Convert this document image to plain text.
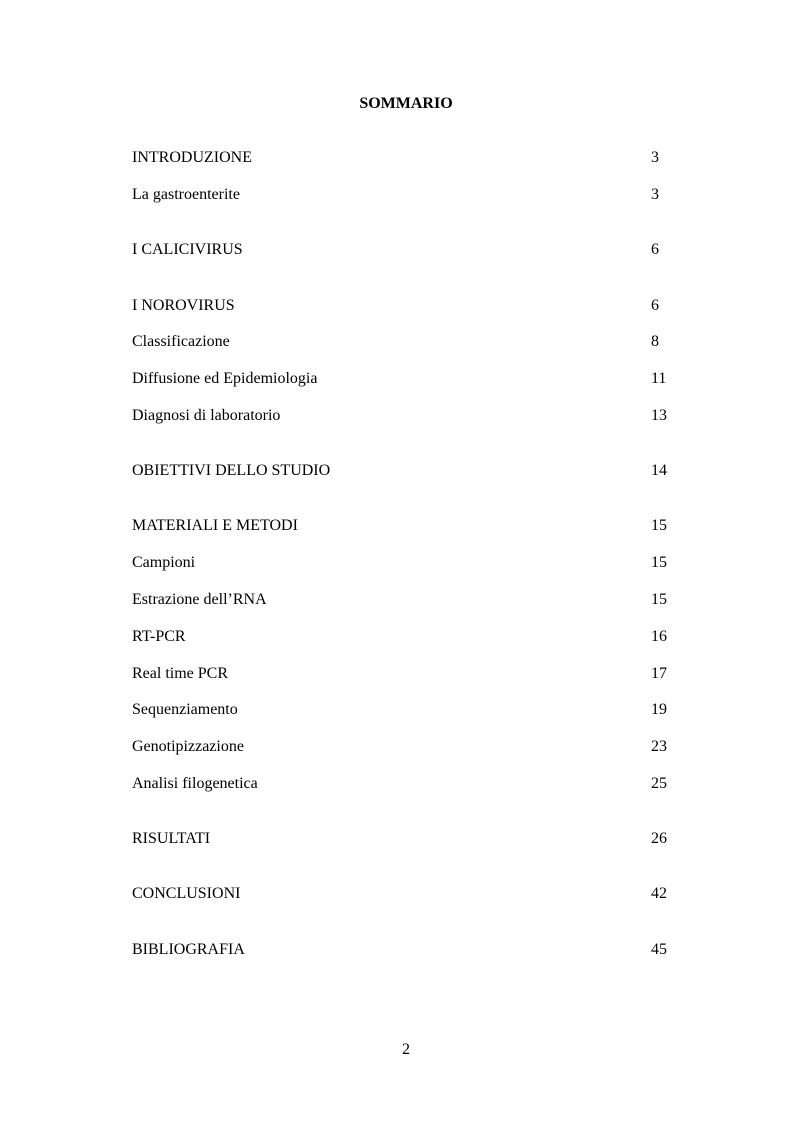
SOMMARIO
INTRODUZIONE	3
La gastroenterite	3
I CALICIVIRUS	6
I NOROVIRUS	6
Classificazione	8
Diffusione ed Epidemiologia	11
Diagnosi di laboratorio	13
OBIETTIVI DELLO STUDIO	14
MATERIALI E METODI	15
Campioni	15
Estrazione dell’RNA	15
RT-PCR	16
Real time PCR	17
Sequenziamento	19
Genotipizzazione	23
Analisi filogenetica	25
RISULTATI	26
CONCLUSIONI	42
BIBLIOGRAFIA	45
2
